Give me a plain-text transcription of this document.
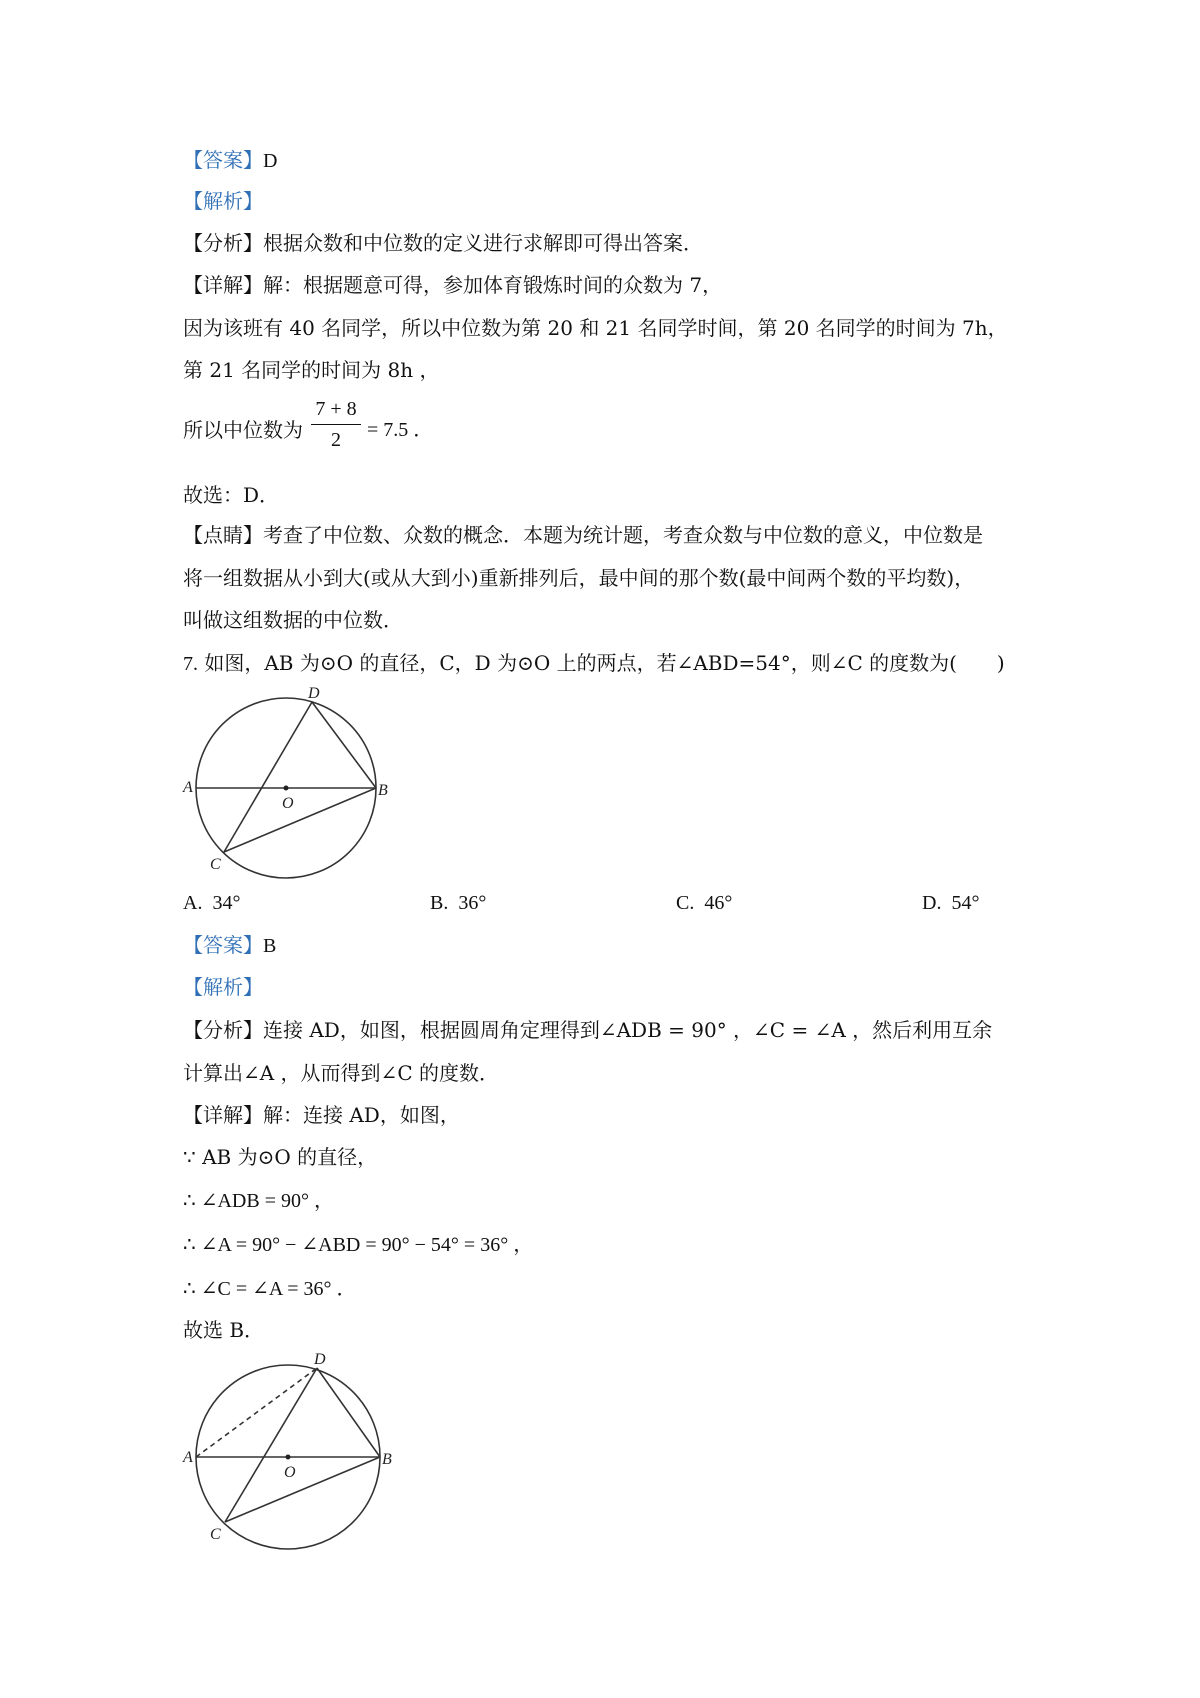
【答案】D
【解析】
【分析】根据众数和中位数的定义进行求解即可得出答案．
【详解】解：根据题意可得，参加体育锻炼时间的众数为 7，
因为该班有 40 名同学，所以中位数为第 20 和 21 名同学时间，第 20 名同学的时间为 7h，
第 21 名同学的时间为 8h ，
所以中位数为
7 + 8
2	= 7.5 ．
故选：D．
【点睛】考查了中位数、众数的概念．本题为统计题，考查众数与中位数的意义，中位数是
将一组数据从小到大(或从大到小)重新排列后，最中间的那个数(最中间两个数的平均数)，
叫做这组数据的中位数．
7. 如图，AB 为⊙O 的直径，C，D 为⊙O 上的两点，若∠ABD=54°，则∠C 的度数为(　　)
A	B
C
D
O
A. 34°	B. 36°	C. 46°	D. 54°
【答案】B
【解析】
【分析】连接 AD，如图，根据圆周角定理得到∠ADB = 90° ，∠C = ∠A ，然后利用互余
计算出∠A ，从而得到∠C 的度数．
【详解】解：连接 AD，如图，
∵ AB 为⊙O 的直径，
∴ ∠ADB = 90° ，
∴ ∠A = 90° − ∠ABD = 90° − 54° = 36° ，
∴ ∠C = ∠A = 36° ．
故选 B．
A	B
C
D
O
